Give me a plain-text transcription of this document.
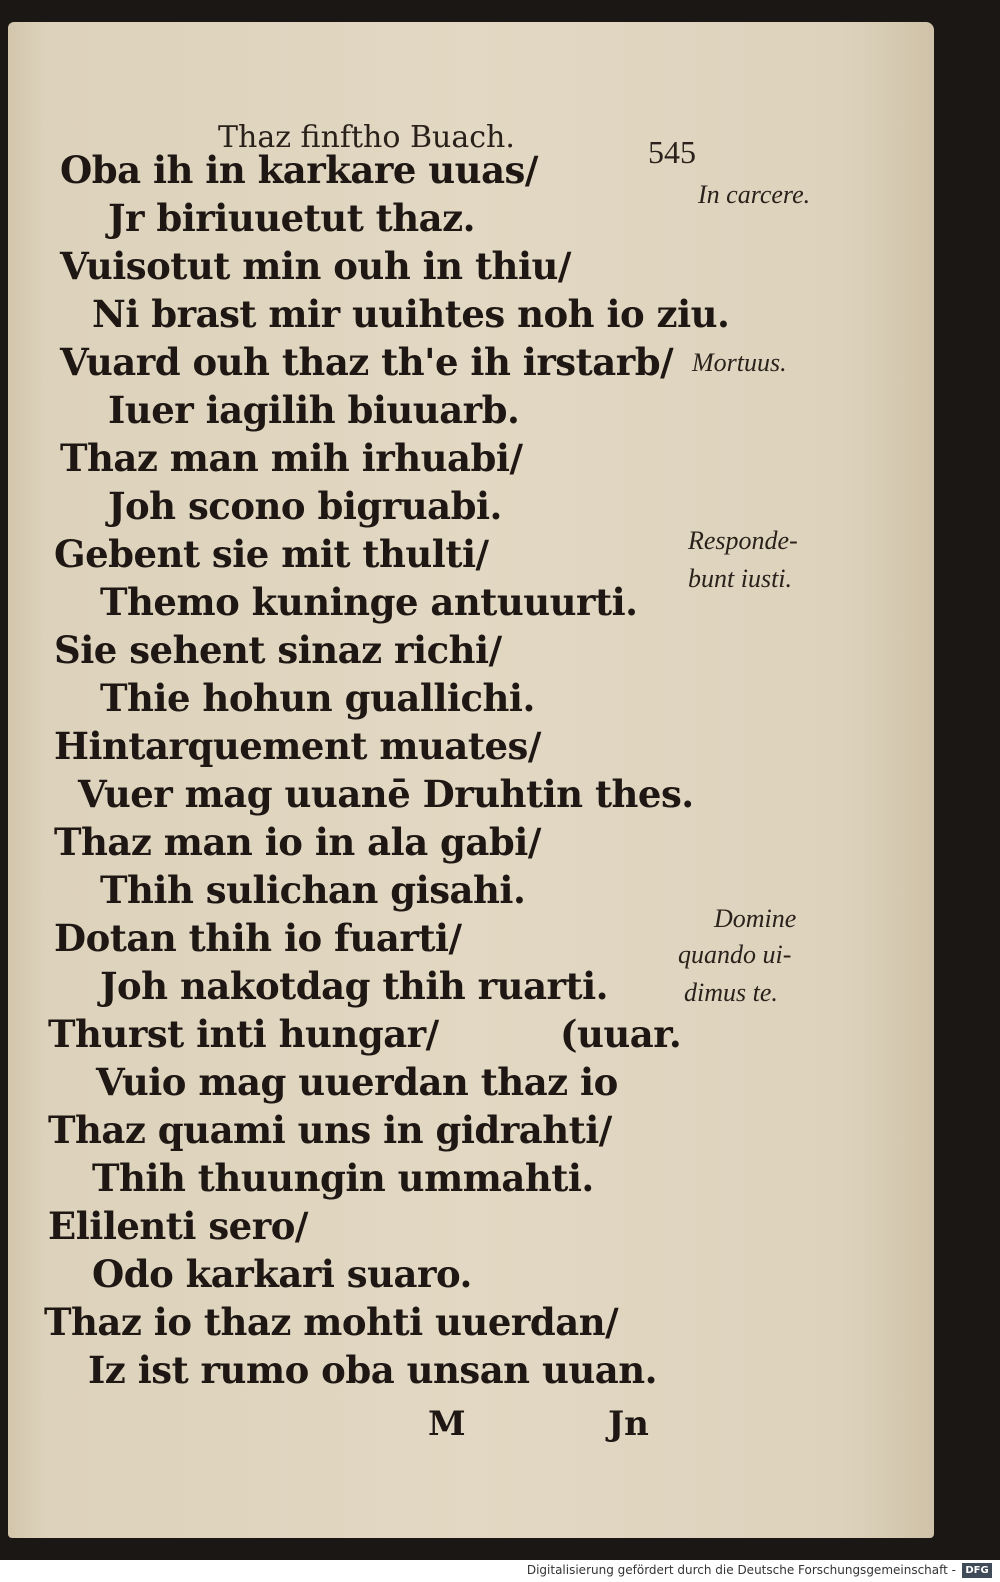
Thaz finftho Buach.	545
Oba ih in karkare uuas/
Jr biriuuetut thaz.
Vuisotut min ouh in thiu/
Ni brast mir uuihtes noh io ziu.
Vuard ouh thaz th'e ih irstarb/
Iuer iagilih biuuarb.
Thaz man mih irhuabi/
Joh scono bigruabi.
Gebent sie mit thulti/
Themo kuninge antuuurti.
Sie sehent sinaz richi/
Thie hohun guallichi.
Hintarquement muates/
Vuer mag uuanē Druhtin thes.
Thaz man io in ala gabi/
Thih sulichan gisahi.
Dotan thih io fuarti/
Joh nakotdag thih ruarti.
Thurst inti hungar/	(uuar.
Vuio mag uuerdan thaz io
Thaz quami uns in gidrahti/
Thih thuungin ummahti.
Elilenti sero/
Odo karkari suaro.
Thaz io thaz mohti uuerdan/
Iz ist rumo oba unsan uuan.
M	Jn
In carcere.
Mortuus.
Responde-
bunt iusti.
Domine
quando ui-
dimus te.
Digitalisierung gefördert durch die Deutsche Forschungsgemeinschaft - DFG
